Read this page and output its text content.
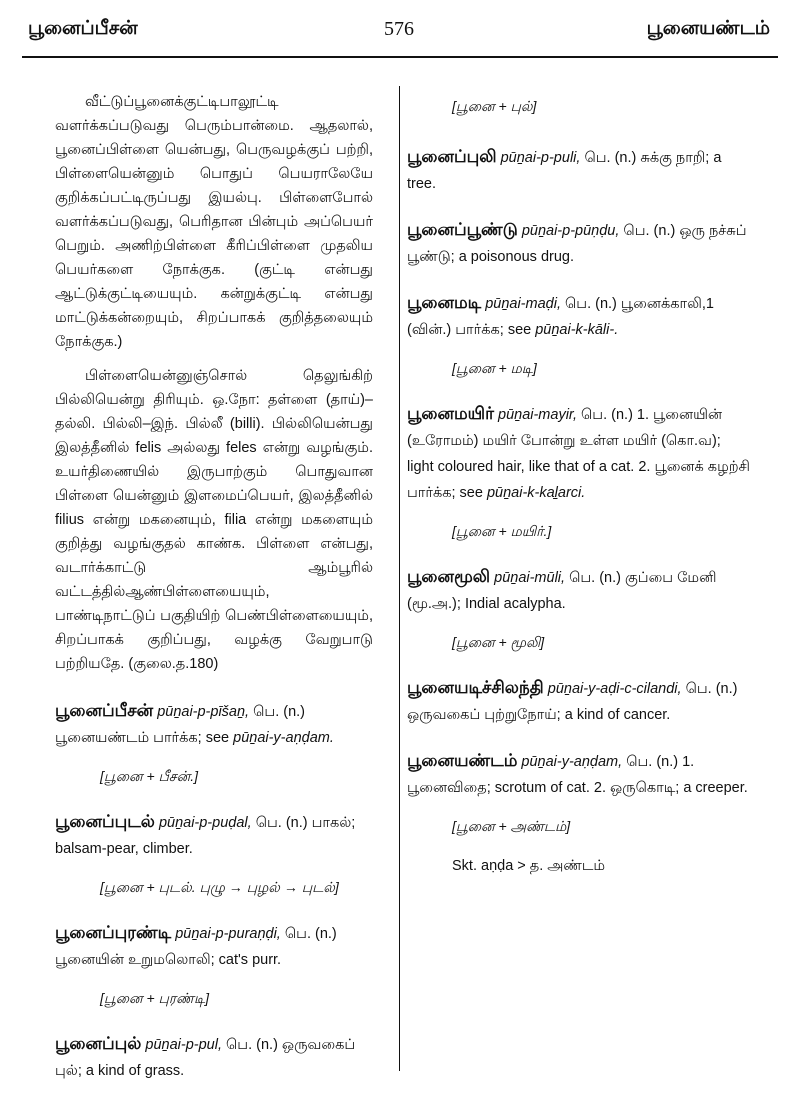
பூனைப்பீசன்	576	பூனையண்டம்

வீட்டுப்பூனைக்குட்டிபாலூட்டி வளர்க்கப்படுவது பெரும்பான்மை. ஆதலால், பூனைப்பிள்ளை யென்பது, பெருவழக்குப் பற்றி, பிள்ளையென்னும் பொதுப் பெயராலேயே குறிக்கப்பட்டிருப்பது இயல்பு. பிள்ளைபோல் வளர்க்கப்படுவது, பெரிதான பின்பும் அப்பெயர் பெறும். அணிற்பிள்ளை கீரிப்பிள்ளை முதலிய பெயர்களை நோக்குக. (குட்டி என்பது ஆட்டுக்குட்டியையும். கன்றுக்குட்டி என்பது மாட்டுக்கன்றையும், சிறப்பாகக் குறித்தலையும் நோக்குக.)

பிள்ளையென்னுஞ்சொல் தெலுங்கிற் பில்லியென்று திரியும். ஒ.நோ: தள்ளை (தாய்)– தல்லி. பில்லி–இந். பில்லீ (billi). பில்லியென்பது இலத்தீனில் felis அல்லது feles என்று வழங்கும். உயர்திணையில் இருபாற்கும் பொதுவான பிள்ளை யென்னும் இளமைப்பெயர், இலத்தீனில் filius என்று மகனையும், filia என்று மகளையும் குறித்து வழங்குதல் காண்க. பிள்ளை என்பது, வடார்க்காட்டு ஆம்பூரில் வட்டத்தில்ஆண்பிள்ளையையும், பாண்டிநாட்டுப் பகுதியிற் பெண்பிள்ளையையும், சிறப்பாகக் குறிப்பது, வழக்கு வேறுபாடு பற்றியதே. (குலை.த.180)

பூனைப்பீசன் pūṉai-p-pīšaṉ, பெ. (n.) பூனையண்டம் பார்க்க; see pūṉai-y-aṇḍam.

[பூனை + பீசன்.]

பூனைப்புடல் pūṉai-p-puḍal, பெ. (n.) பாகல்; balsam-pear, climber.

[பூனை + புடல். புழு → புழல் → புடல்]

பூனைப்புரண்டி pūṉai-p-puraṇḍi, பெ. (n.) பூனையின் உறுமலொலி; cat's purr.

[பூனை + புரண்டி]

பூனைப்புல் pūṉai-p-pul, பெ. (n.) ஒருவகைப் புல்; a kind of grass.

[பூனை + புல்]

பூனைப்புலி pūṉai-p-puli, பெ. (n.) சுக்கு நாறி; a tree.

பூனைப்பூண்டு pūṉai-p-pūṇḍu, பெ. (n.) ஒரு நச்சுப் பூண்டு; a poisonous drug.

பூனைமடி pūṉai-maḍi, பெ. (n.) பூனைக்காலி,1 (வின்.) பார்க்க; see pūṉai-k-kāli-.

[பூனை + மடி]

பூனைமயிர் pūṉai-mayir, பெ. (n.) 1. பூனையின் (உரோமம்) மயிர் போன்று உள்ள மயிர் (கொ.வ); light coloured hair, like that of a cat. 2. பூனைக் கழற்சி பார்க்க; see pūṉai-k-kaḻarci.

[பூனை + மயிர்.]

பூனைமூலி pūṉai-mūli, பெ. (n.) குப்பை மேனி (மூ.அ.); Indial acalypha.

[பூனை + மூலி]

பூனையடிச்சிலந்தி pūṉai-y-aḍi-c-cilandi, பெ. (n.) ஒருவகைப் புற்றுநோய்; a kind of cancer.

பூனையண்டம் pūṉai-y-aṇḍam, பெ. (n.) 1. பூனைவிதை; scrotum of cat. 2. ஒருகொடி; a creeper.

[பூனை + அண்டம்]

Skt. aṇḍa > த. அண்டம்
